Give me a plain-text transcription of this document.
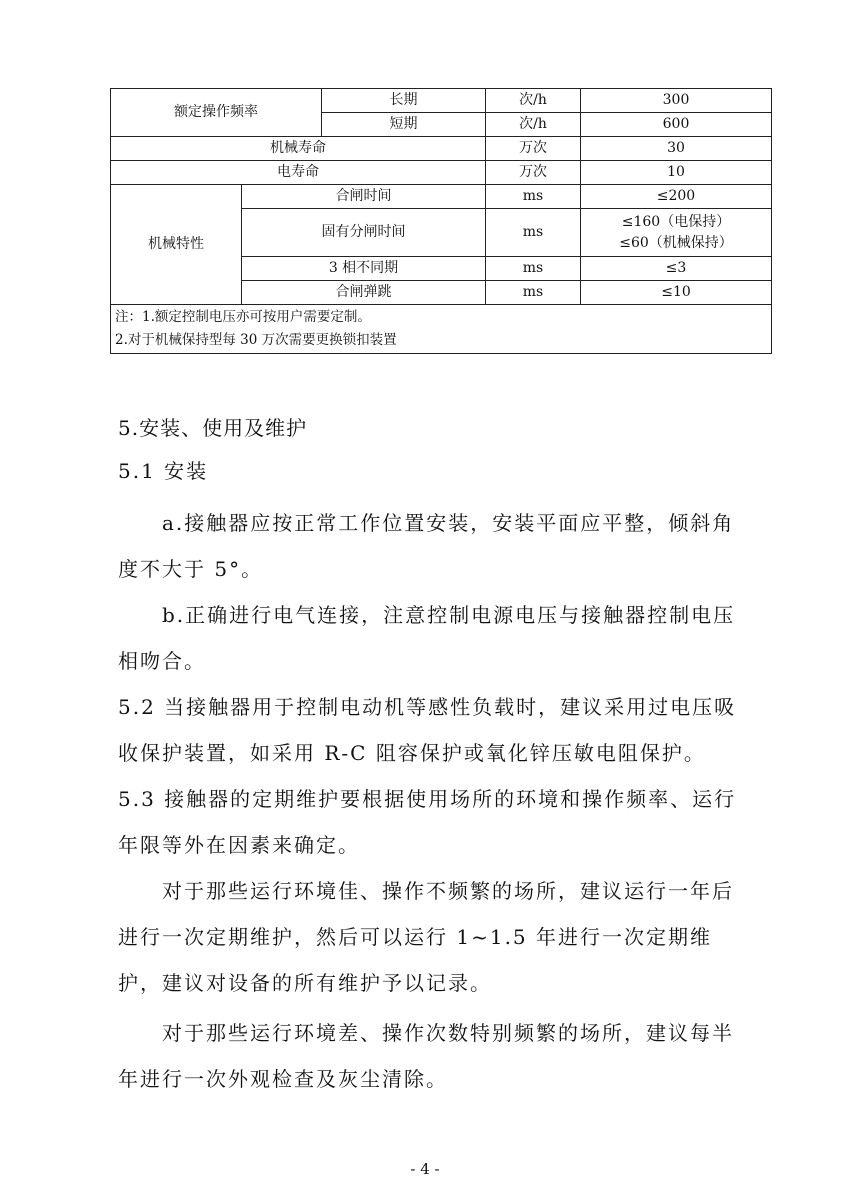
额定操作频率		长期	次/h	300
		短期	次/h	600
机械寿命			万次	30
电寿命			万次	10
机械特性	合闸时间		ms	≤200
	固有分闸时间		ms	≤160（电保持）
≤60（机械保持）

	3 相不同期		ms	≤3
	合闸弹跳		ms	≤10

注：1.额定控制电压亦可按用户需要定制。
2.对于机械保持型每 30 万次需要更换锁扣装置				
5.安装、使用及维护

5.1 安装

a.接触器应按正常工作位置安装，安装平面应平整，倾斜角度不大于 5°。

b.正确进行电气连接，注意控制电源电压与接触器控制电压相吻合。

5.2 当接触器用于控制电动机等感性负载时，建议采用过电压吸收保护装置，如采用 R-C 阻容保护或氧化锌压敏电阻保护。

5.3 接触器的定期维护要根据使用场所的环境和操作频率、运行年限等外在因素来确定。

对于那些运行环境佳、操作不频繁的场所，建议运行一年后进行一次定期维护，然后可以运行 1~1.5 年进行一次定期维护，建议对设备的所有维护予以记录。

对于那些运行环境差、操作次数特别频繁的场所，建议每半年进行一次外观检查及灰尘清除。

- 4 -
